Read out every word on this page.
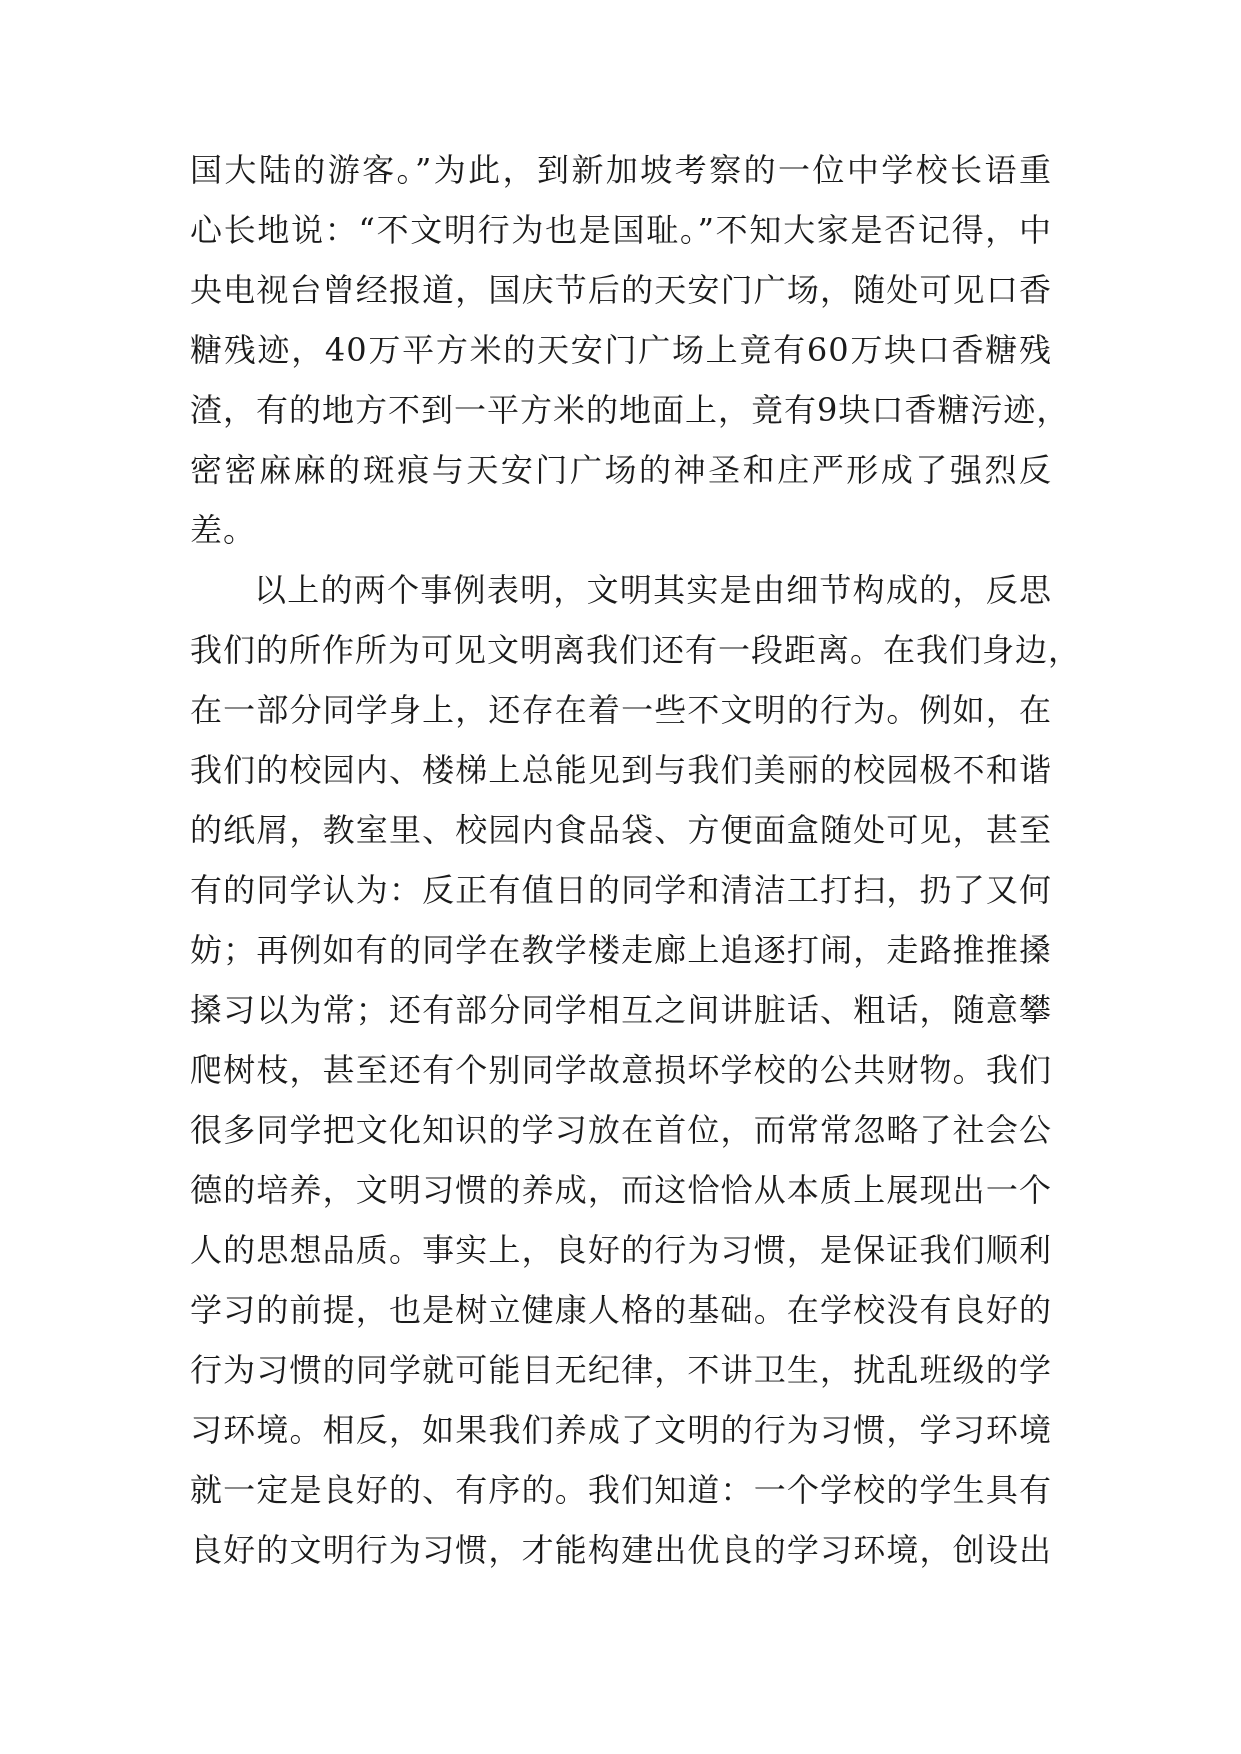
国大陆的游客。”为此，到新加坡考察的一位中学校长语重
心长地说：“不文明行为也是国耻。”不知大家是否记得，中
央电视台曾经报道，国庆节后的天安门广场，随处可见口香
糖残迹，40万平方米的天安门广场上竟有60万块口香糖残
渣，有的地方不到一平方米的地面上，竟有9块口香糖污迹，
密密麻麻的斑痕与天安门广场的神圣和庄严形成了强烈反
差。
以上的两个事例表明，文明其实是由细节构成的，反思
我们的所作所为可见文明离我们还有一段距离。在我们身边，
在一部分同学身上，还存在着一些不文明的行为。例如，在
我们的校园内、楼梯上总能见到与我们美丽的校园极不和谐
的纸屑，教室里、校园内食品袋、方便面盒随处可见，甚至
有的同学认为：反正有值日的同学和清洁工打扫，扔了又何
妨；再例如有的同学在教学楼走廊上追逐打闹，走路推推搡
搡习以为常；还有部分同学相互之间讲脏话、粗话，随意攀
爬树枝，甚至还有个别同学故意损坏学校的公共财物。我们
很多同学把文化知识的学习放在首位，而常常忽略了社会公
德的培养，文明习惯的养成，而这恰恰从本质上展现出一个
人的思想品质。事实上，良好的行为习惯，是保证我们顺利
学习的前提，也是树立健康人格的基础。在学校没有良好的
行为习惯的同学就可能目无纪律，不讲卫生，扰乱班级的学
习环境。相反，如果我们养成了文明的行为习惯，学习环境
就一定是良好的、有序的。我们知道：一个学校的学生具有
良好的文明行为习惯，才能构建出优良的学习环境，创设出
